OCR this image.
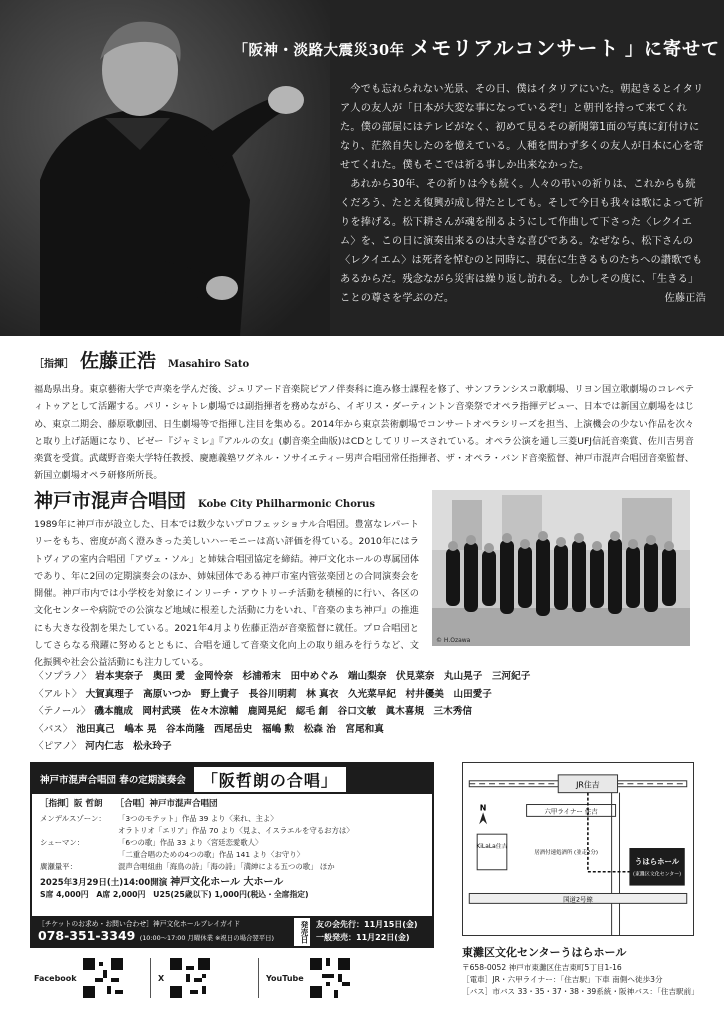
「阪神・淡路大震災30年 メモリアルコンサート 」に寄せて

今でも忘れられない光景、その日、僕はイタリアにいた。朝起きるとイタリア人の友人が「日本が大変な事になっているぞ!」と朝刊を持って来てくれた。僕の部屋にはテレビがなく、初めて見るその新聞第1面の写真に釘付けになり、茫然自失したのを憶えている。人種を問わず多くの友人が日本に心を寄せてくれた。僕もそこでは祈る事しか出来なかった。

あれから30年、その祈りは今も続く。人々の弔いの祈りは、これからも続くだろう、たとえ復興が成し得たとしても。そして今日も我々は歌によって祈りを捧げる。松下耕さんが魂を削るようにして作曲して下さった〈レクイエム〉を、この日に演奏出来るのは大きな喜びである。なぜなら、松下さんの〈レクイエム〉は死者を悼むのと同時に、現在に生きるものたちへの讃歌でもあるからだ。残念ながら災害は繰り返し訪れる。しかしその度に、「生きる」ことの尊さを学ぶのだ。	佐藤正浩
［指揮］ 佐藤正浩 Masahiro Sato

福島県出身。東京藝術大学で声楽を学んだ後、ジュリアード音楽院ピアノ伴奏科に進み修士課程を修了、サンフランシスコ歌劇場、リヨン国立歌劇場のコレペティトゥアとして活躍する。パリ・シャトレ劇場では副指揮者を務めながら、イギリス・ダーティントン音楽祭でオペラ指揮デビュー、日本では新国立劇場をはじめ、東京二期会、藤原歌劇団、日生劇場等で指揮し注目を集める。2014年から東京芸術劇場でコンサートオペラシリーズを担当、上演機会の少ない作品を次々と取り上げ話題になり、ビゼー『ジャミレ』『アルルの女』(劇音楽全曲版)はCDとしてリリースされている。オペラ公演を通し三菱UFJ信託音楽賞、佐川吉男音楽賞を受賞。武蔵野音楽大学特任教授、慶應義塾ワグネル・ソサイエティー男声合唱団常任指揮者、ザ・オペラ・バンド音楽監督、神戸市混声合唱団音楽監督、新国立劇場オペラ研修所所長。

神戸市混声合唱団 Kobe City Philharmonic Chorus

1989年に神戸市が設立した、日本では数少ないプロフェッショナル合唱団。豊富なレパートリーをもち、密度が高く澄みきった美しいハーモニーは高い評価を得ている。2010年にはラトヴィアの室内合唱団「アヴェ・ソル」と姉妹合唱団協定を締結。神戸文化ホールの専属団体であり、年に2回の定期演奏会のほか、姉妹団体である神戸市室内管弦楽団との合同演奏会を開催。神戸市内では小学校を対象にインリーチ・アウトリーチ活動を積極的に行い、各区の文化センターや病院での公演など地域に根差した活動に力をいれ、『音楽のまち神戸』の推進にも大きな役割を果たしている。2021年4月より佐藤正浩が音楽監督に就任。プロ合唱団としてさらなる飛躍に努めるとともに、合唱を通して音楽文化向上の取り組みを行うなど、文化振興や社会公益活動にも注力している。

© H.Ozawa
〈ソプラノ〉 岩本実奈子　奥田 愛　金岡怜奈　杉浦希末　田中めぐみ　端山梨奈　伏見菜奈　丸山晃子　三河紀子
〈アルト〉 大賀真理子　高原いつか　野上貴子　長谷川明莉　林 真衣　久光菜早紀　村井優美　山田愛子
〈テノール〉 磯本龍成　岡村武瑛　佐々木涼輔　鹿岡晃紀　綛毛 創　谷口文敏　眞木喜規　三木秀信
〈バス〉 池田真己　嶋本 晃　谷本尚隆　西尾岳史　福嶋 勲　松森 治　宮尾和真
〈ピアノ〉 河内仁志　松永玲子
神戸市混声合唱団 春の定期演奏会	「阪哲朗の合唱」
［指揮］阪 哲朗 ［合唱］神戸市混声合唱団
メンデルスゾーン：	「3つのモテット」作品 39 より〈来れ、主よ〉
オラトリオ「エリア」作品 70 より〈見よ、イスラエルを守るお方は〉
シューマン：	「6つの歌」作品 33 より〈宮廷恋愛歌人〉
「二重合唱のための4つの歌」作品 141 より〈お守り〉
廣瀬量平：	混声合唱組曲「海鳥の詩」「海の詩」「満紳による五つの歌」 ほか
2025年3月29日(土)14:00開演 神戸文化ホール 大ホール
S席 4,000円　A席 2,000円　U25(25歳以下) 1,000円(税込・全席指定)
［チケットのお求め・お問い合わせ］神戸文化ホールプレイガイド
078-351-3349 (10:00〜17:00 月曜休業 ※祝日の場合翌平日)	発売日 友の会先行：11月15日(金)
一般発売：11月22日(金)
JR住吉
N	六甲ライナー 住吉
KiLaLa住吉
居酒付速処酒所 (並走2分)
うはらホール
(東灘区文化センター)
国道2号線
東灘区文化センターうはらホール
〒658-0052 神戸市東灘区住吉東町5丁目1-16
［電車］JR・六甲ライナー：「住吉駅」下車 南側へ徒歩3分
［バス］市バス 33・35・37・38・39系統・阪神バス：「住吉駅前」
Facebook	X	YouTube
